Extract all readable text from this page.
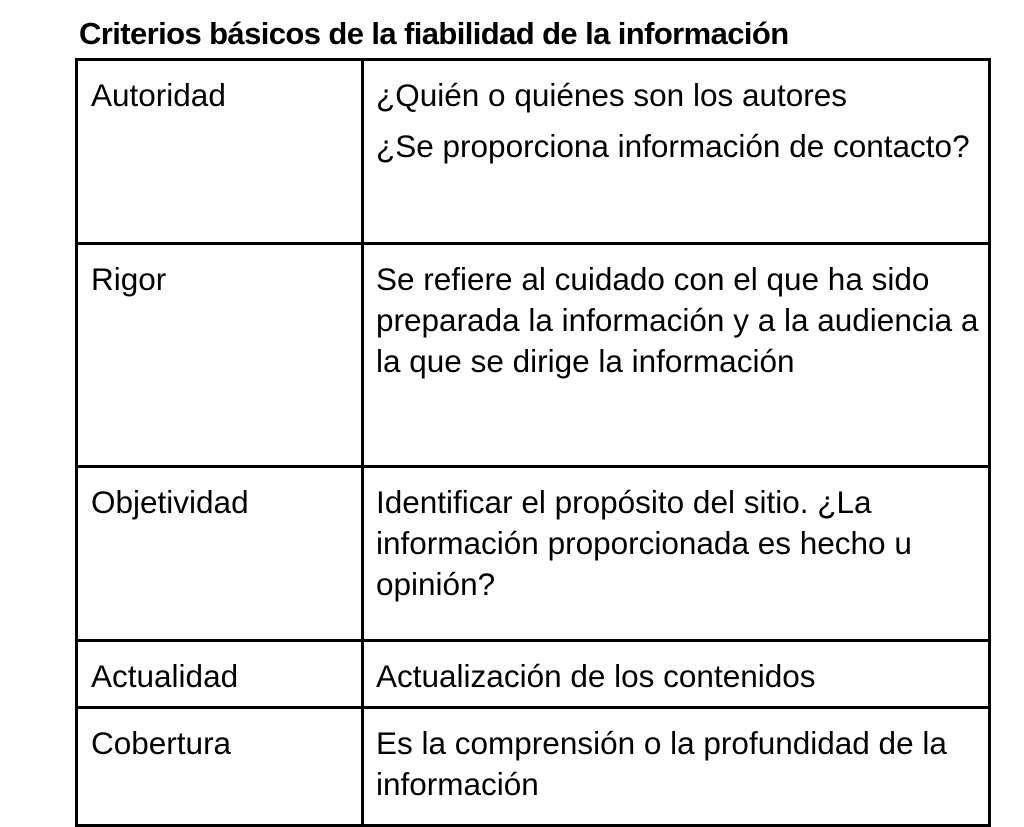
Criterios básicos de la fiabilidad de la información
Autoridad	¿Quién o quiénes son los autores
¿Se proporciona información de contacto?

Rigor	Se refiere al cuidado con el que ha sido preparada la información y a la audiencia a la que se dirige la información

Objetividad	Identificar el propósito del sitio. ¿La información proporcionada es hecho u opinión?

Actualidad	Actualización de los contenidos

Cobertura	Es la comprensión o la profundidad de la información
